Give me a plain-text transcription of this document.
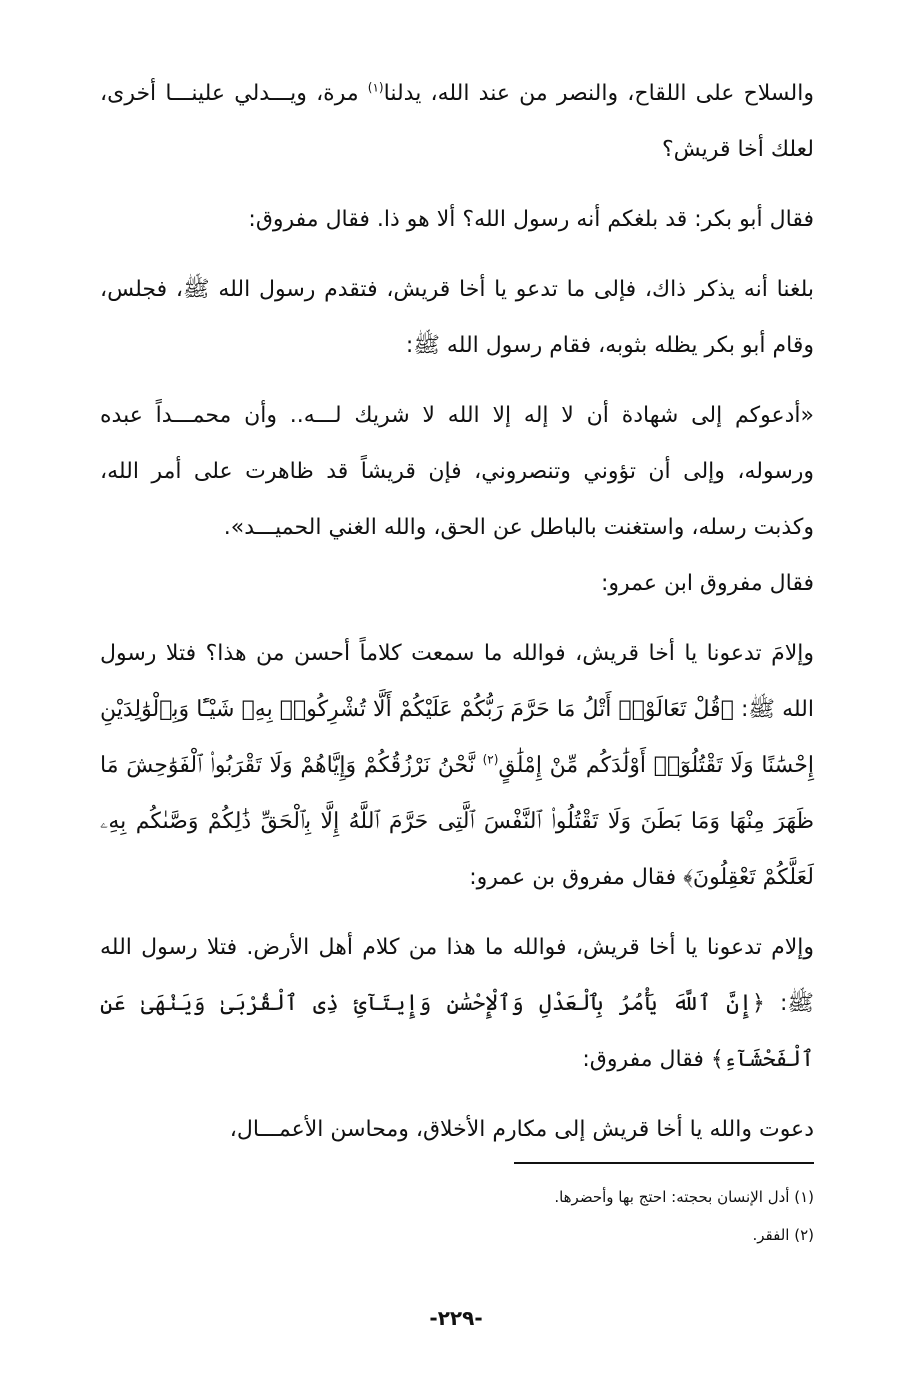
والسلاح على اللقاح، والنصر من عند الله، يدلنا$^{(١)}$ مرة، ويـــدلي علينـــا أخرى، لعلك أخا قريش؟

فقال أبو بكر: قد بلغكم أنه رسول الله؟ ألا هو ذا. فقال مفروق:

بلغنا أنه يذكر ذاك، فإلى ما تدعو يا أخا قريش، فتقدم رسول الله ﷺ، فجلس، وقام أبو بكر يظله بثوبه، فقام رسول الله ﷺ:

«أدعوكم إلى شهادة أن لا إله إلا الله لا شريك لـــه.. وأن محمـــداً عبده ورسوله، وإلى أن تؤوني وتنصروني، فإن قريشاً قد ظاهرت على أمر الله، وكذبت رسله، واستغنت بالباطل عن الحق، والله الغني الحميـــد».

فقال مفروق ابن عمرو:

وإلامَ تدعونا يا أخا قريش، فوالله ما سمعت كلاماً أحسن من هذا؟ فتلا رسول الله ﷺ: ﴿قُلْ تَعَالَوْا۟ أَتْلُ مَا حَرَّمَ رَبُّكُمْ عَلَيْكُمْ أَلَّا تُشْرِكُوا۟ بِهِۦ شَيْـًٔا وَبِٱلْوَٰلِدَيْنِ إِحْسَٰنًا وَلَا تَقْتُلُوٓا۟ أَوْلَٰدَكُم مِّنْ إِمْلَٰقٍ$^{(٢)}$ نَّحْنُ نَرْزُقُكُمْ وَإِيَّاهُمْ وَلَا تَقْرَبُوا۟ ٱلْفَوَٰحِشَ مَا ظَهَرَ مِنْهَا وَمَا بَطَنَ وَلَا تَقْتُلُوا۟ ٱلنَّفْسَ ٱلَّتِى حَرَّمَ ٱللَّهُ إِلَّا بِٱلْحَقِّ ذَٰلِكُمْ وَصَّىٰكُم بِهِۦ لَعَلَّكُمْ تَعْقِلُونَ﴾ فقال مفروق بن عمرو:

وإلام تدعونا يا أخا قريش، فوالله ما هذا من كلام أهل الأرض. فتلا رسول الله ﷺ: ﴿إِنَّ ٱللَّهَ يَأْمُرُ بِٱلْعَدْلِ وَٱلْإِحْسَٰنِ وَإِيتَآئِ ذِى ٱلْقُرْبَىٰ وَيَنْهَىٰ عَنِ ٱلْفَحْشَآءِ﴾ فقال مفروق:

دعوت والله يا أخا قريش إلى مكارم الأخلاق، ومحاسن الأعمـــال،

(١) أدل الإنسان بحجته: احتج بها وأحضرها.

(٢) الفقر.

-٢٢٩-
